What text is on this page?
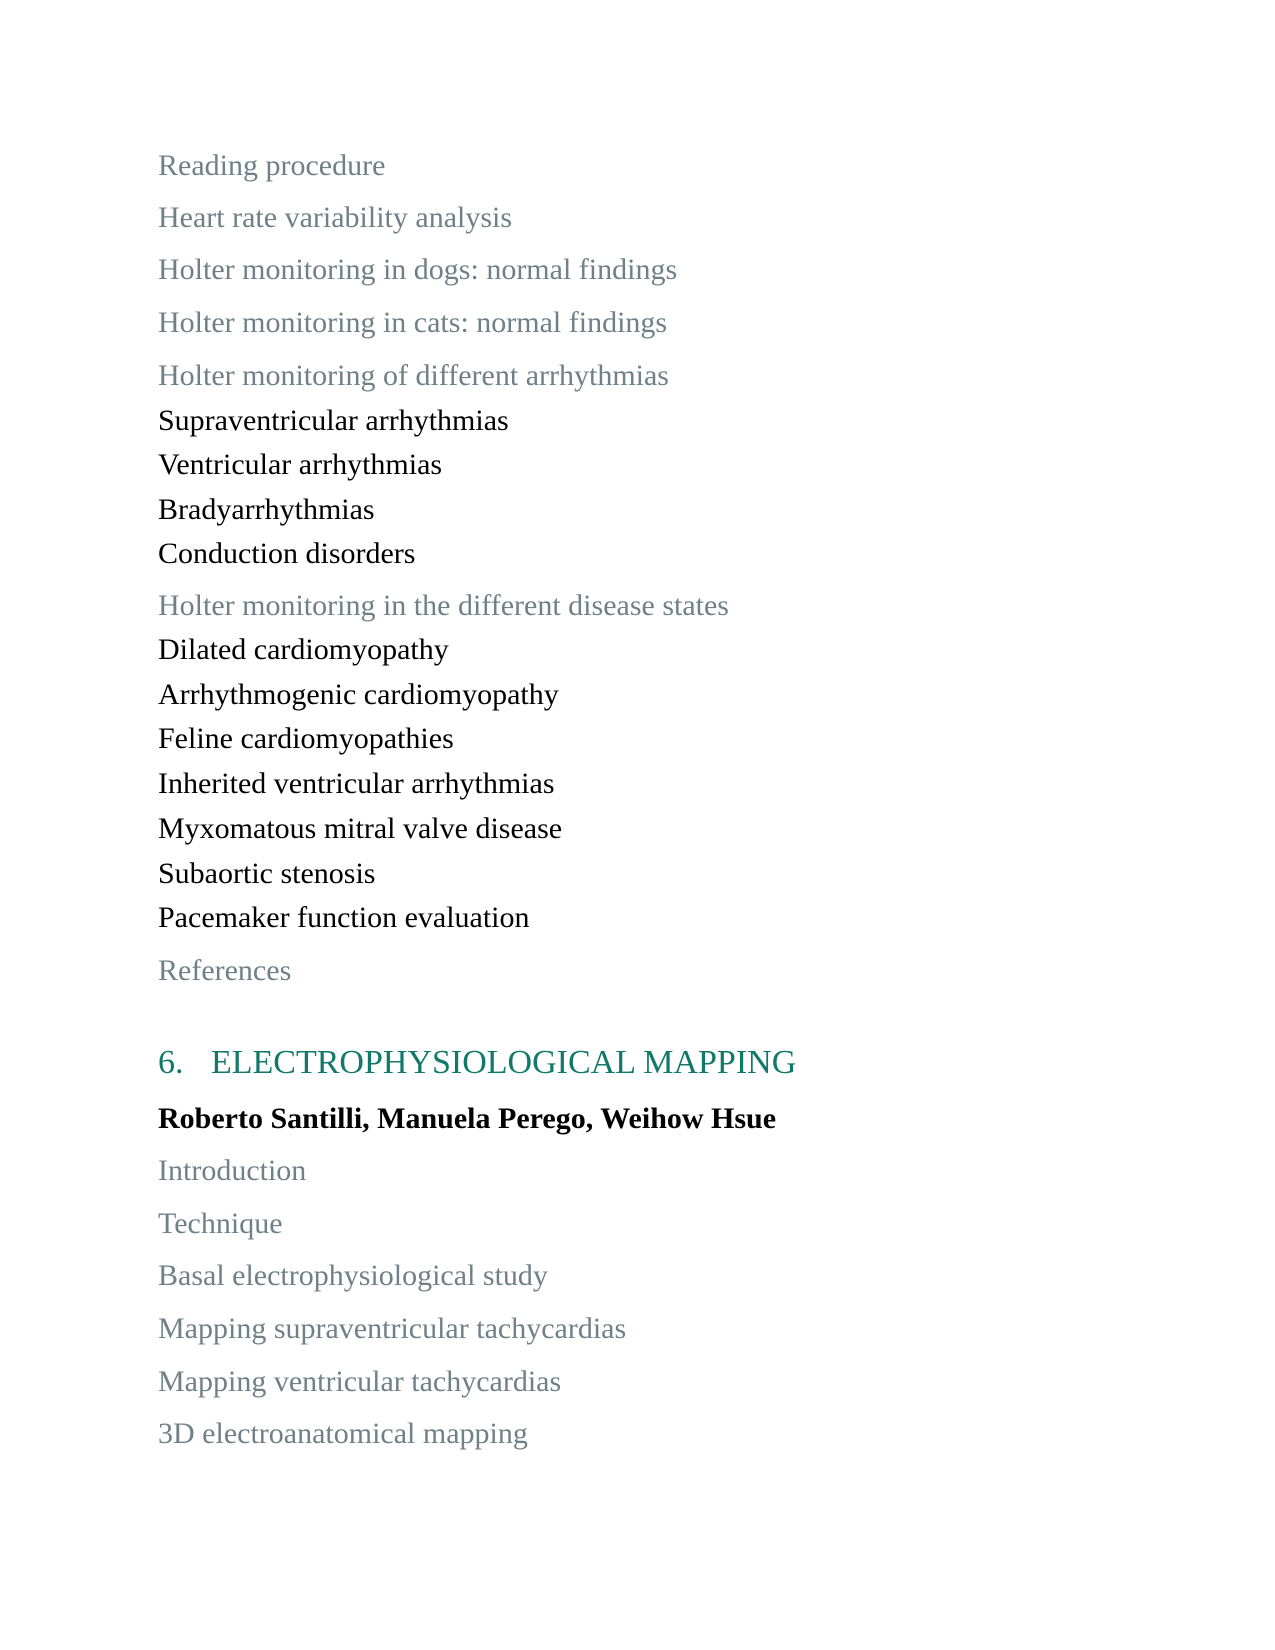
Reading procedure
Heart rate variability analysis
Holter monitoring in dogs: normal findings
Holter monitoring in cats: normal findings
Holter monitoring of different arrhythmias
Supraventricular arrhythmias
Ventricular arrhythmias
Bradyarrhythmias
Conduction disorders
Holter monitoring in the different disease states
Dilated cardiomyopathy
Arrhythmogenic cardiomyopathy
Feline cardiomyopathies
Inherited ventricular arrhythmias
Myxomatous mitral valve disease
Subaortic stenosis
Pacemaker function evaluation
References
6. ELECTROPHYSIOLOGICAL MAPPING
Roberto Santilli, Manuela Perego, Weihow Hsue
Introduction
Technique
Basal electrophysiological study
Mapping supraventricular tachycardias
Mapping ventricular tachycardias
3D electroanatomical mapping
